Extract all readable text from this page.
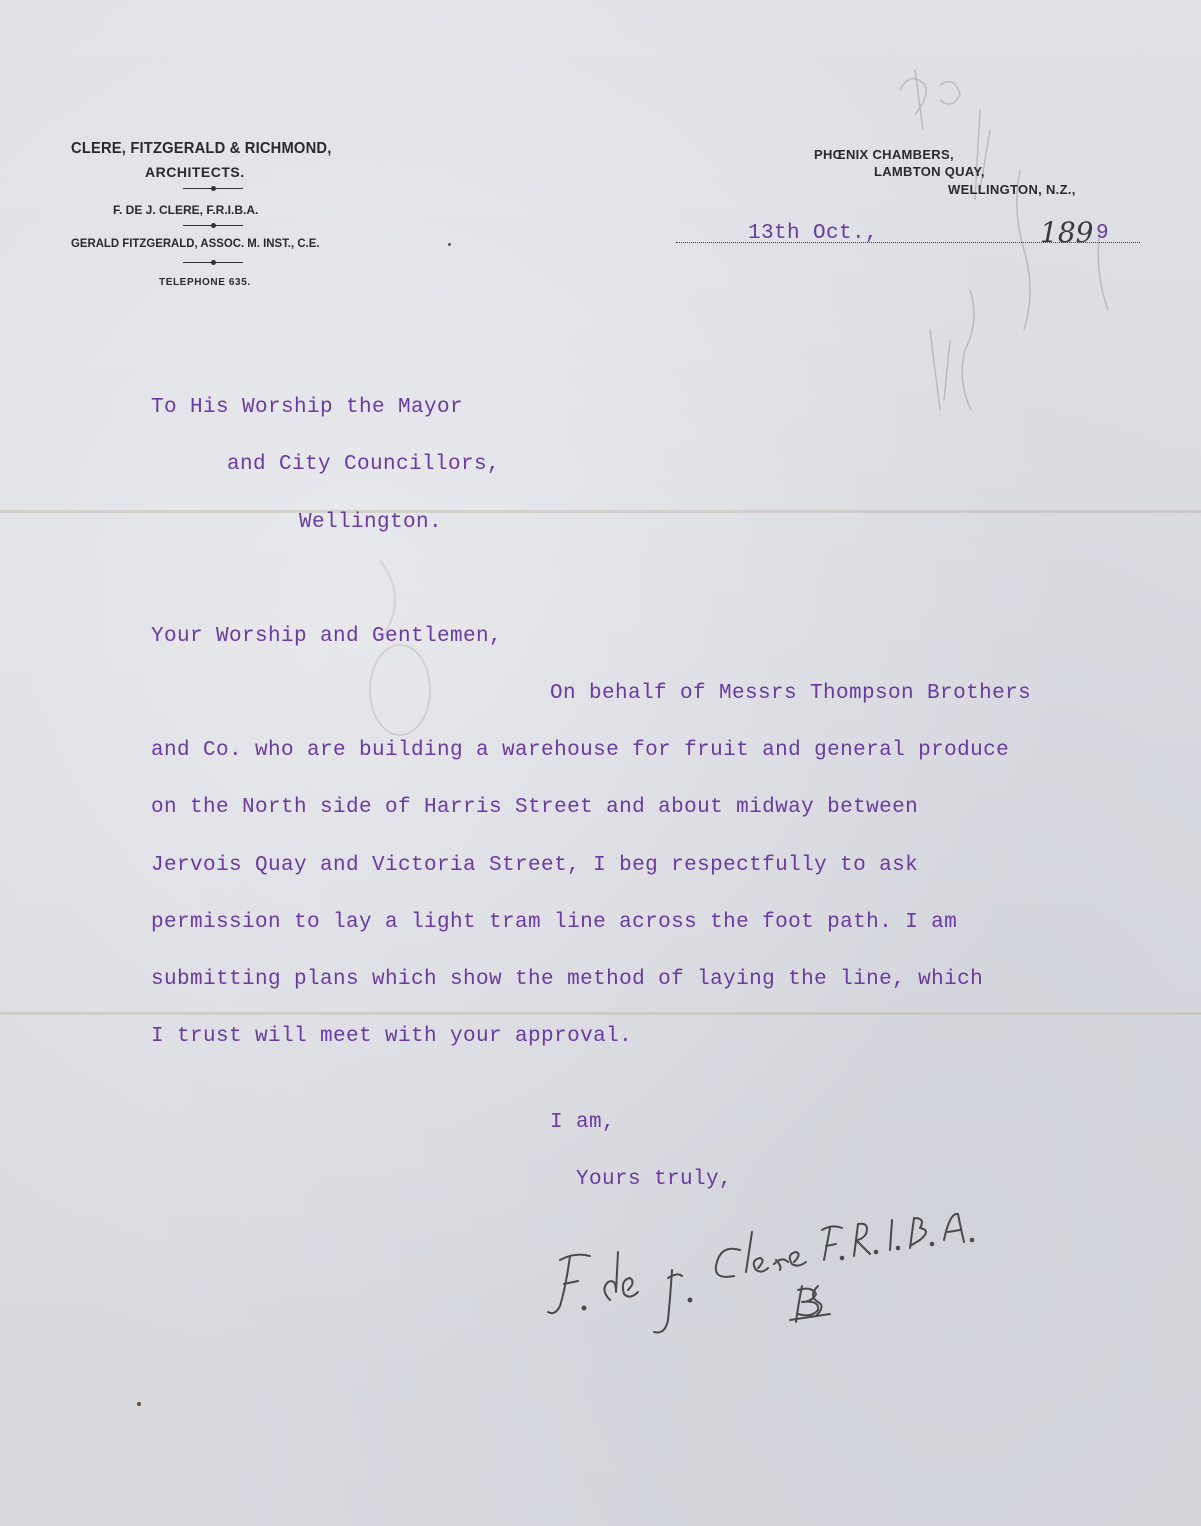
CLERE, FITZGERALD & RICHMOND,
ARCHITECTS.
F. DE J. CLERE, F.R.I.B.A.
GERALD FITZGERALD, ASSOC. M. INST., C.E.
TELEPHONE 635.
PHŒNIX CHAMBERS,
LAMBTON QUAY,
WELLINGTON, N.Z.,
13th Oct.,	189 9
To His Worship the Mayor
and City Councillors,
Wellington.
Your Worship and Gentlemen,
On behalf of Messrs Thompson Brothers
and Co. who are building a warehouse for fruit and general produce
on the North side of Harris Street and about midway between
Jervois Quay and Victoria Street, I beg respectfully to ask
permission to lay a light tram line across the foot path. I am
submitting plans which show the method of laying the line, which
I trust will meet with your approval.
I am,
Yours truly,
